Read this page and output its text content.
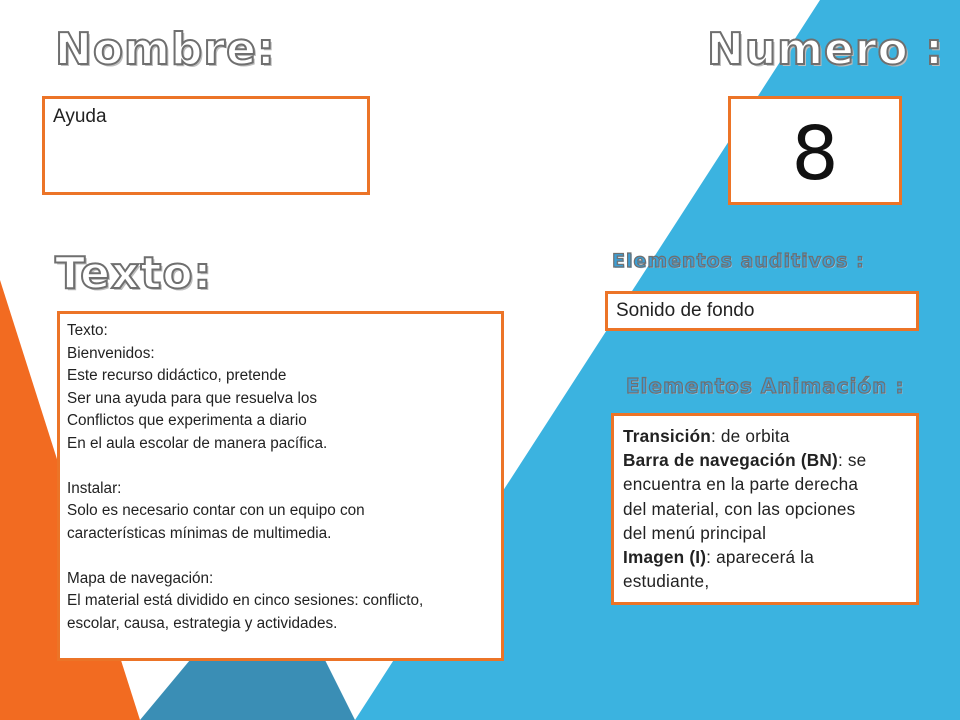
Nombre:	Numero :
Texto:	Elementos auditivos :
Elementos Animación :
Ayuda	8
Sonido de fondo
Texto:
Bienvenidos:
Este recurso didáctico, pretende
Ser una ayuda para que resuelva los
Conflictos que experimenta a diario
En el aula escolar de manera pacífica.
Instalar:
Solo es necesario contar con un equipo con
características mínimas de multimedia.
Mapa de navegación:
El material está dividido en cinco sesiones: conflicto,
escolar, causa, estrategia y actividades.
Transición: de orbita
Barra de navegación (BN): se
encuentra en la parte derecha
del material, con las opciones
del menú principal
Imagen (I): aparecerá la
estudiante,
